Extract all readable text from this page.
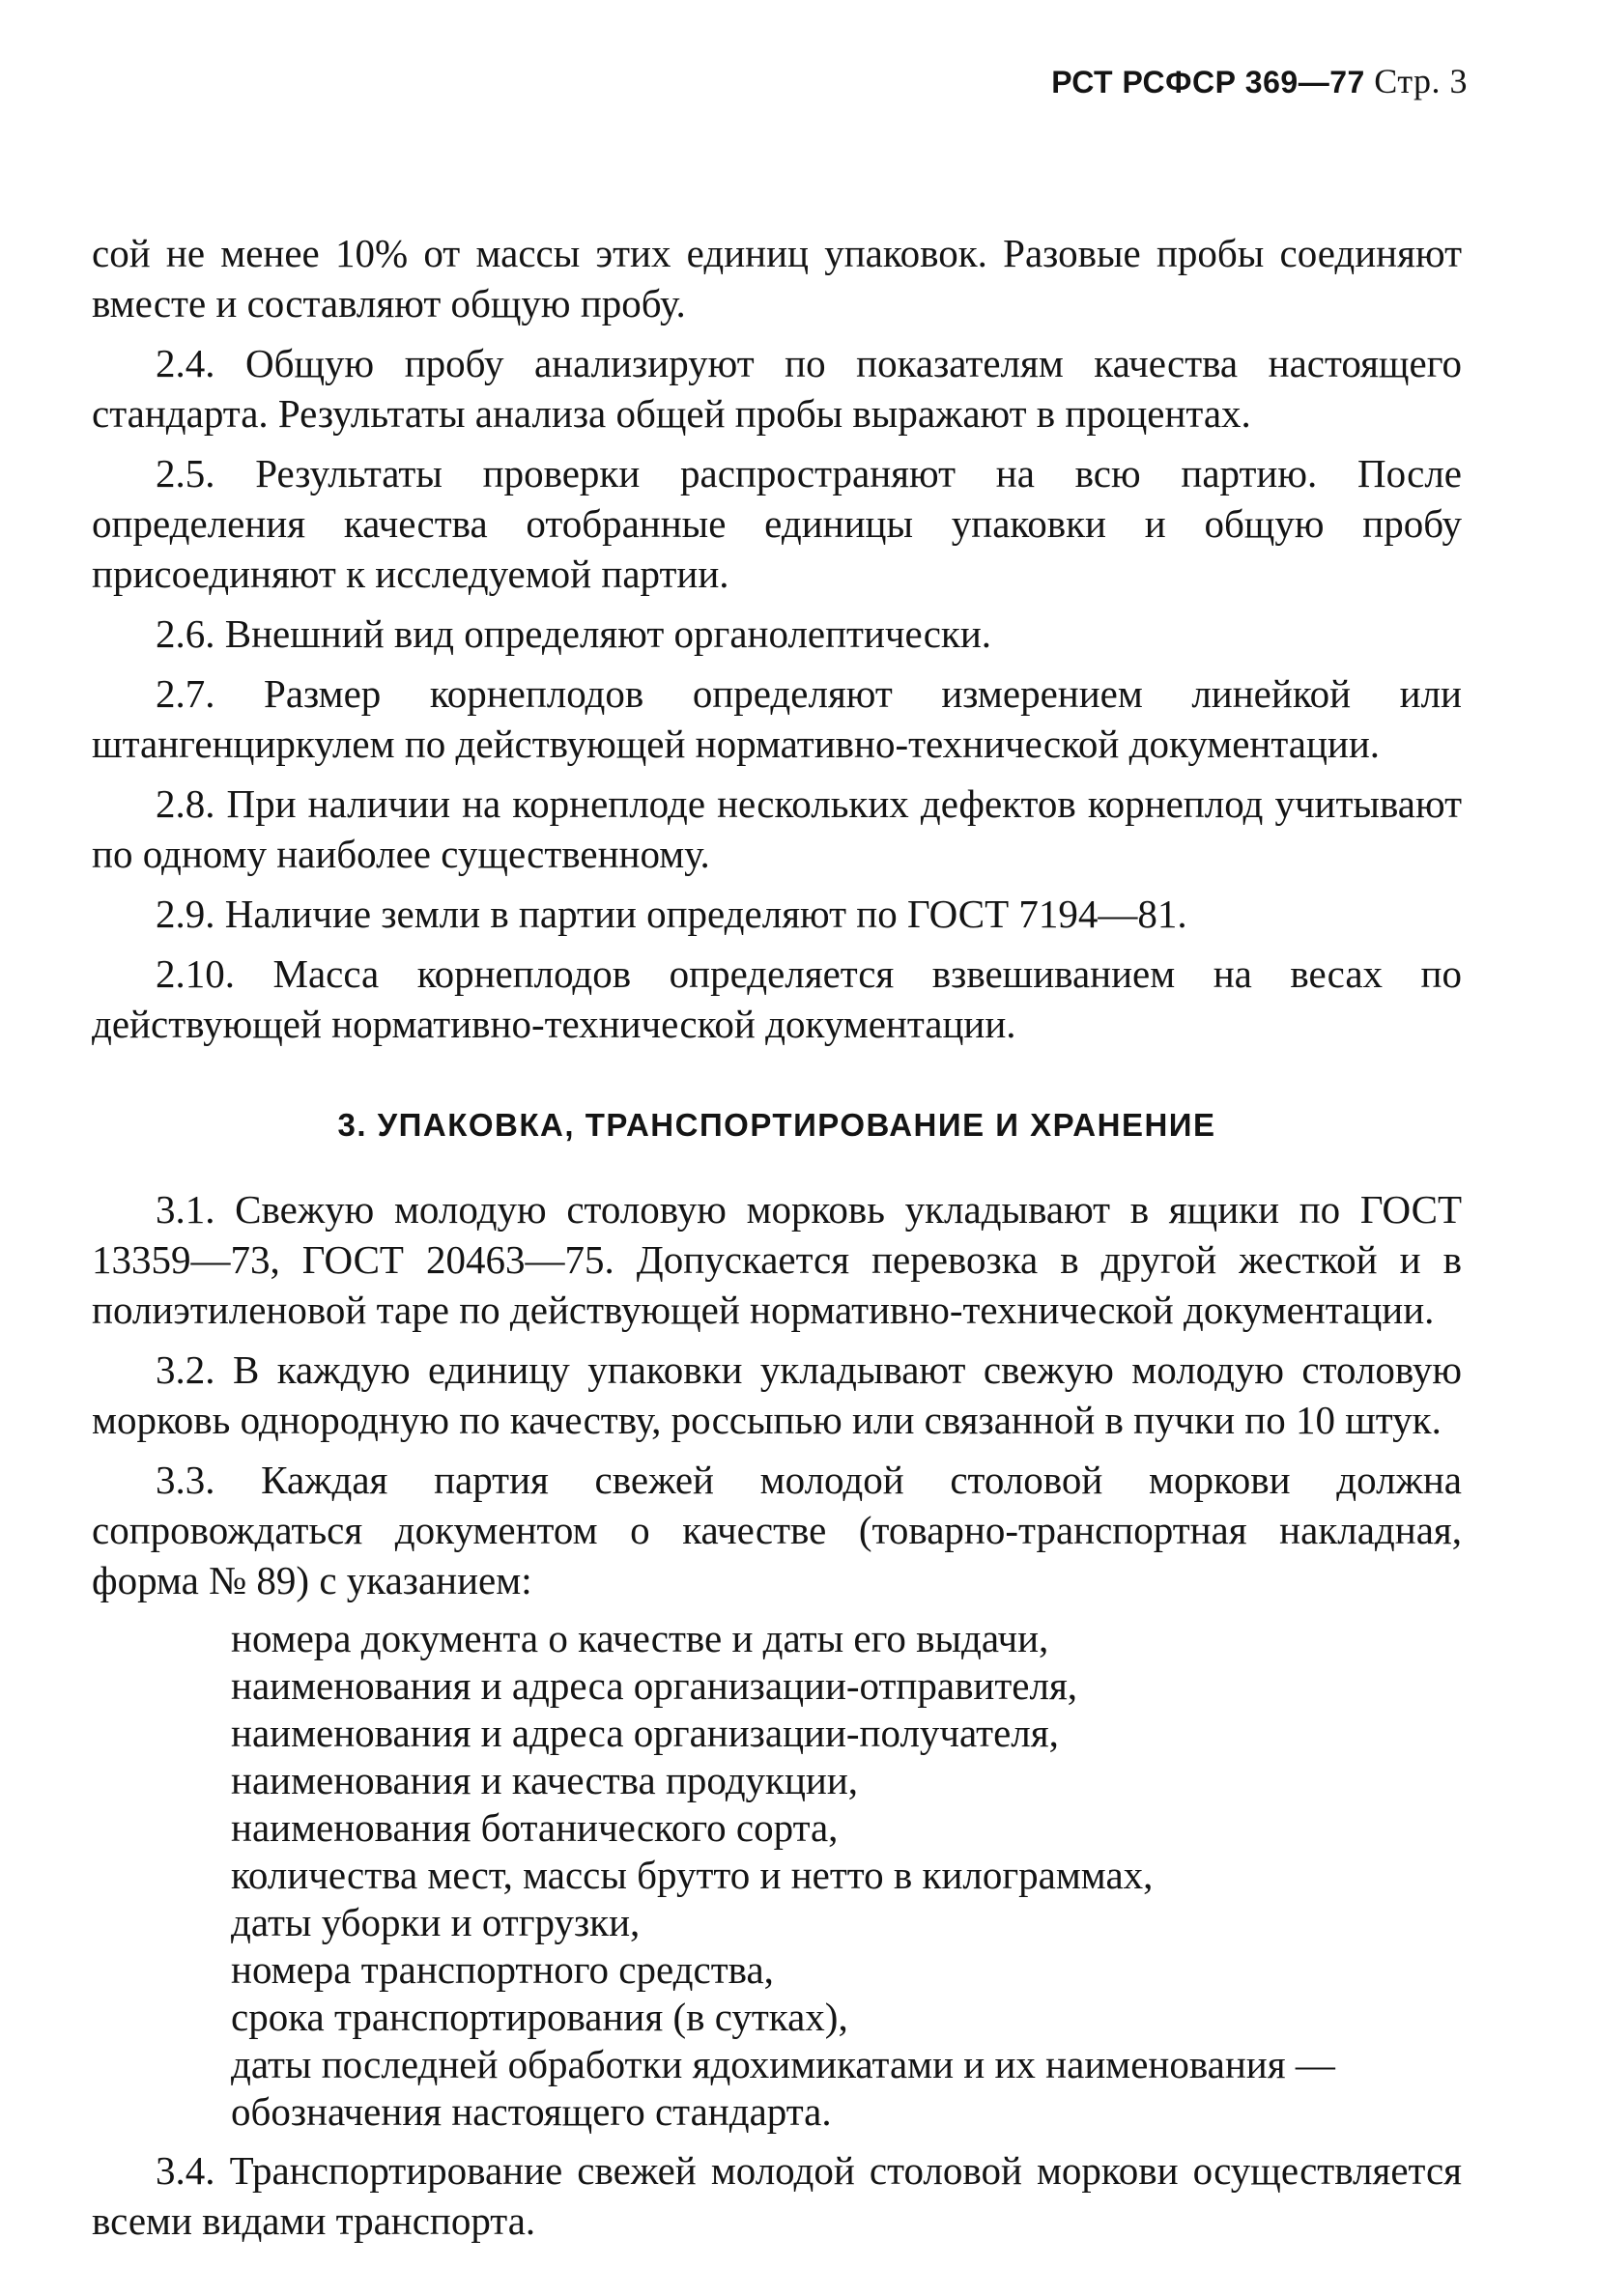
РСТ РСФСР 369—77 Стр. 3

сой не менее 10% от массы этих единиц упаковок. Разовые пробы соединяют вместе и составляют общую пробу.

2.4. Общую пробу анализируют по показателям качества настоящего стандарта. Результаты анализа общей пробы выражают в процентах.

2.5. Результаты проверки распространяют на всю партию. После определения качества отобранные единицы упаковки и общую пробу присоединяют к исследуемой партии.

2.6. Внешний вид определяют органолептически.

2.7. Размер корнеплодов определяют измерением линейкой или штангенциркулем по действующей нормативно-технической документации.

2.8. При наличии на корнеплоде нескольких дефектов корнеплод учитывают по одному наиболее существенному.

2.9. Наличие земли в партии определяют по ГОСТ 7194—81.

2.10. Масса корнеплодов определяется взвешиванием на весах по действующей нормативно-технической документации.

3. УПАКОВКА, ТРАНСПОРТИРОВАНИЕ И ХРАНЕНИЕ

3.1. Свежую молодую столовую морковь укладывают в ящики по ГОСТ 13359—73, ГОСТ 20463—75. Допускается перевозка в другой жесткой и в полиэтиленовой таре по действующей нормативно-технической документации.

3.2. В каждую единицу упаковки укладывают свежую молодую столовую морковь однородную по качеству, россыпью или связанной в пучки по 10 штук.

3.3. Каждая партия свежей молодой столовой моркови должна сопровождаться документом о качестве (товарно-транспортная накладная, форма № 89) с указанием:

номера документа о качестве и даты его выдачи,
наименования и адреса организации-отправителя,
наименования и адреса организации-получателя,
наименования и качества продукции,
наименования ботанического сорта,
количества мест, массы брутто и нетто в килограммах,
даты уборки и отгрузки,
номера транспортного средства,
срока транспортирования (в сутках),
даты последней обработки ядохимикатами и их наименования — обозначения настоящего стандарта.

3.4. Транспортирование свежей молодой столовой моркови осуществляется всеми видами транспорта.
